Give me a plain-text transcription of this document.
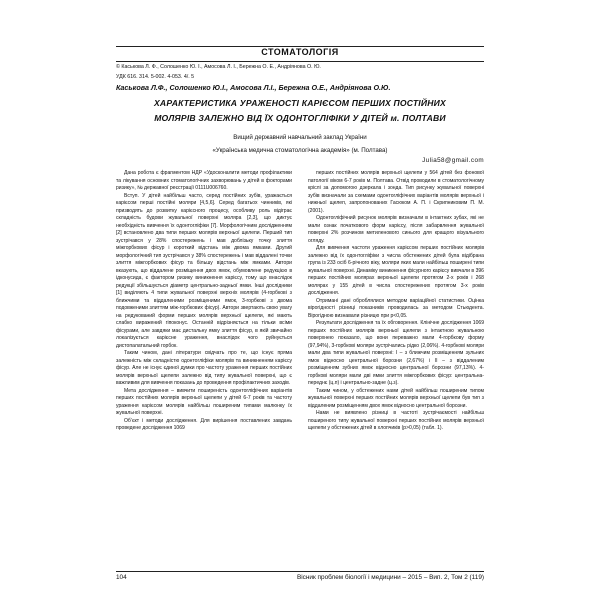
СТОМАТОЛОГІЯ
© Каськова Л. Ф., Солошенко Ю. І., Амосова Л. І., Бережна О. Е., Андріянова О. Ю.
УДК 616. 314. 5-002. 4-053. 4/. 5
Каськова Л.Ф., Солошенко Ю.І., Амосова Л.І., Бережна О.Е., Андріянова О.Ю.
ХАРАКТЕРИСТИКА УРАЖЕНОСТІ КАРІЄСОМ ПЕРШИХ ПОСТІЙНИХ
МОЛЯРІВ ЗАЛЕЖНО ВІД ЇХ ОДОНТОГЛІФІКИ У ДІТЕЙ м. ПОЛТАВИ
Вищий державний навчальний заклад України
«Українська медична стоматологічна академія» (м. Полтава)
Julia58@gmail.com

Дана робота є фрагментом НДР «Удосконалити методи профілактики та лікування основних стоматологічних захворювань у дітей в фокторами ризику», № державної реєстрації 0111U006760.

Вступ. У дітей найбільш часто, серед постійних зубів, уражається карієсом перші постійні моляри [4,5,6]. Серед багатьох чинників, які призводять до розвитку карієсного процесу, особливу роль відіграє складність будови жувальної поверхні моляра [2,3], що диктує необхідність вивчення їх одонтогліфіки [7]. Морфологічним дослідженням [2] встановлено два типи перших молярів верхньої щелепи. Перший тип зустрічався у 28% спостережень і мав доблізьку точку злиття міжгорбкових фісур і короткий відстань між двома ямками. Другий морфологічний тип зустрічався у 38% спостережень і мав віддалені точки злиття міжгорбкових фісур та більшу відстань між ямками. Автори вказують, що віддалене розміщення двох ямок, обумовлене редукцією в ідконусида, є фактором ризику виникнення карієсу, тому що внаслідок редукції збільшується діаметр центрально-задньої ямки. Інші дослідники [1] виділяють 4 типи жувальної поверхні верхніх молярів (4-горбкові з ближчими та віддаленими розміщеними ямок, 3-горбкові з двома подовженими злиттям між-горбкових фісур). Автори звертають свою увагу на редукований форми перших молярів верхньої щелепи, які мають слабко виражений гіпоконус. Останній відрізняється на тільки всіми фісурами, але завдяки має дистальну ямку злиття фісур, в якій звичайно локалізується карієсне ураження, внаслідок чого руйнується дистопалатальний горбок.

Таким чином, дані літератури свідчать про те, що існує пряма залежність між складністю одонтогліфіки молярів та виникненням карієсу фісур. Але не існує єдиної думки про частоту ураження перших постійних молярів верхньої щелепи залежно від типу жувальної поверхні, що є важливим для вивчення показань до проведення профілактичних заходів.

Мета дослідження – вивчити поширеність одонтогліфічних варіантів перших постійних молярів верхньої щелепи у дітей 6-7 років та частоту ураження карієсом молярів найбільш поширеним типами малюнку їх жувальної поверхні.

Об’єкт і методи дослідження. Для вирішення поставлених завдань проведене дослідження 1069

перших постійних молярів верхньої щелепи у 564 дітей без фонової патології віком 6-7 років м. Полтава. Отвід проводили в стоматологічному кріслі за допомогою дзеркала і зонда. Тип рисунку жувальної поверхні зубів визначали за схемами одонтогліфічних варіантів молярів верхньої і нижньої щелеп, запропонованих Гасюком А. П. і Скрипниковим П. М. (2001).

Одонтогліфічний рисунок молярів визначали в інтактних зубах, які не мали ознак початкового форм карієсу, після забарвлення жувальної поверхні 2% розчином метиленового синього для кращого візуального огляду.

Для вивчення частоти ураження карієсом перших постійних молярів залежно від їх одонтогліфіки з числа обстежених дітей була відібрана група із 233 осіб 6-річного віку, моляри яких мали найбільш поширені типи жувальної поверхні. Динаміку виникнення фісурного карієсу вивчали в 396 перших постійних молярах верхньої щелепи протягом 2-х років і 268 молярах у 155 дітей в числа спостережених протягом 3-х років дослідження.

Отримані дані оброблялися методом варіаційної статистики. Оцінка вірогідності різниці показників проводилась за методом Стьюдента. Вірогідною визнавали різницю при р<0,05.

Результати дослідження та їх обговорення. Клінічне дослідження 1069 перших постійних молярів верхньої щелепи з інтактною жувальною поверхнею показало, що вони переважно мали 4-горбкову форму (97,94%), 3-горбкові моляри зустрічались рідко (2,06%). 4-горбкові моляри мали два типи жувальної поверхні: І – з ближчим розміщенням зульних ямок відносно центральної борозни (2,67%) і ІІ – з віддаленим розміщенням зубних ямок відносно центральної борозни (97,13%). 4-горбкові моляри мали дві ямки злиття міжгорбкових фісур: центральна-переднє (ц.п) і центрально-задне (ц.з).

Таким чином, у обстежених нами дітей найбільш поширеним типом жувальної поверхні перших постійних молярів верхньої щелепи був тип з віддаленим розміщенням двох ямок відносно центральної борозни.

Нами не виявлено різниці в частоті зустрічаємості найбільш поширеного типу жувальної поверхні перших постійних молярів верхньої щелепи у обстежених дітей в хлопчиків (р>0,05) (табл. 1).

104	Вісник проблем біології і медицини – 2015 – Вип. 2, Том 2 (119)
